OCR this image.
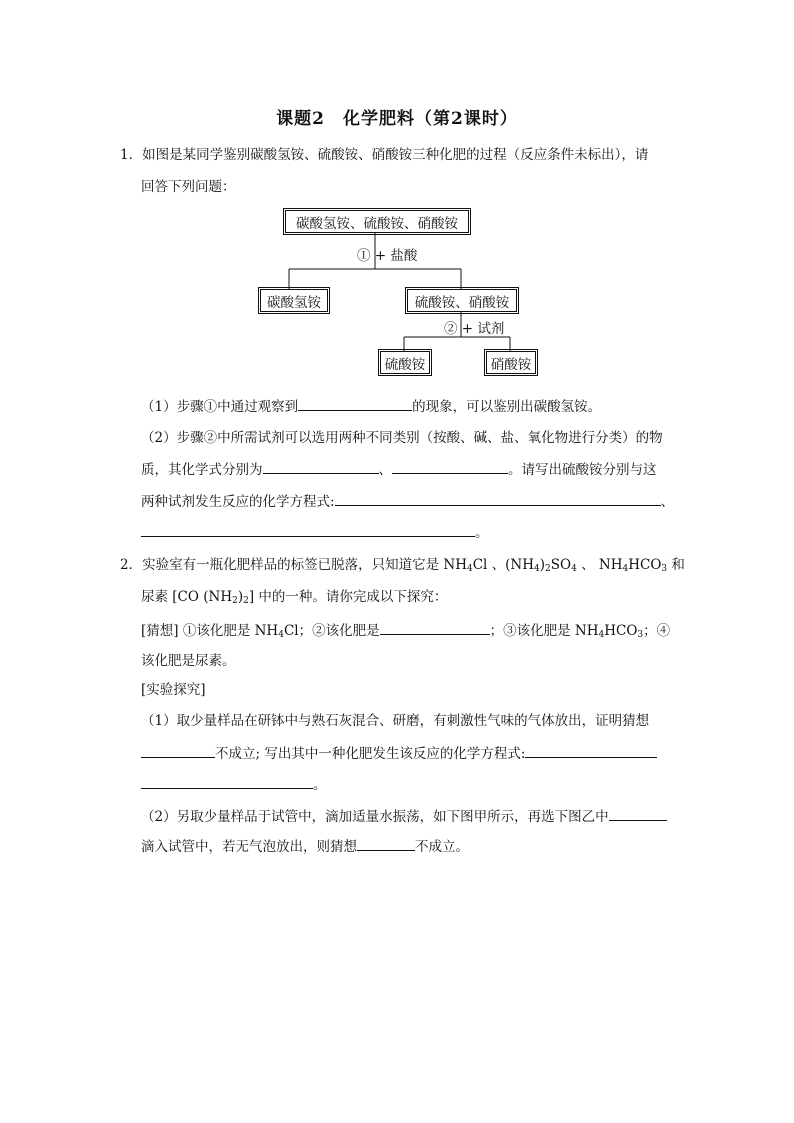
课题2　化学肥料（第2课时）
1．如图是某同学鉴别碳酸氢铵、硫酸铵、硝酸铵三种化肥的过程（反应条件未标出），请
回答下列问题：
碳酸氢铵、硫酸铵、硝酸铵
① + 盐酸
碳酸氢铵	硫酸铵、硝酸铵
② + 试剂
硫酸铵	硝酸铵
（1）步骤①中通过观察到	的现象，可以鉴别出碳酸氢铵。
（2）步骤②中所需试剂可以选用两种不同类别（按酸、碱、盐、氧化物进行分类）的物
质，其化学式分别为	、	。请写出硫酸铵分别与这
两种试剂发生反应的化学方程式:	、
。
2．实验室有一瓶化肥样品的标签已脱落，只知道它是 $NH_4Cl$ 、$(NH_4)_2SO_4$ 、 $NH_4HCO_3$ 和
尿素 [CO $(NH_2)_2$] 中的一种。请你完成以下探究：
[猜想] ①该化肥是 $NH_4Cl$；②该化肥是	；③该化肥是 $NH_4HCO_3$；④
该化肥是尿素。
[实验探究]
（1）取少量样品在研钵中与熟石灰混合、研磨，有刺激性气味的气体放出，证明猜想
不成立; 写出其中一种化肥发生该反应的化学方程式:
。
（2）另取少量样品于试管中，滴加适量水振荡，如下图甲所示，再选下图乙中
滴入试管中，若无气泡放出，则猜想	不成立。
